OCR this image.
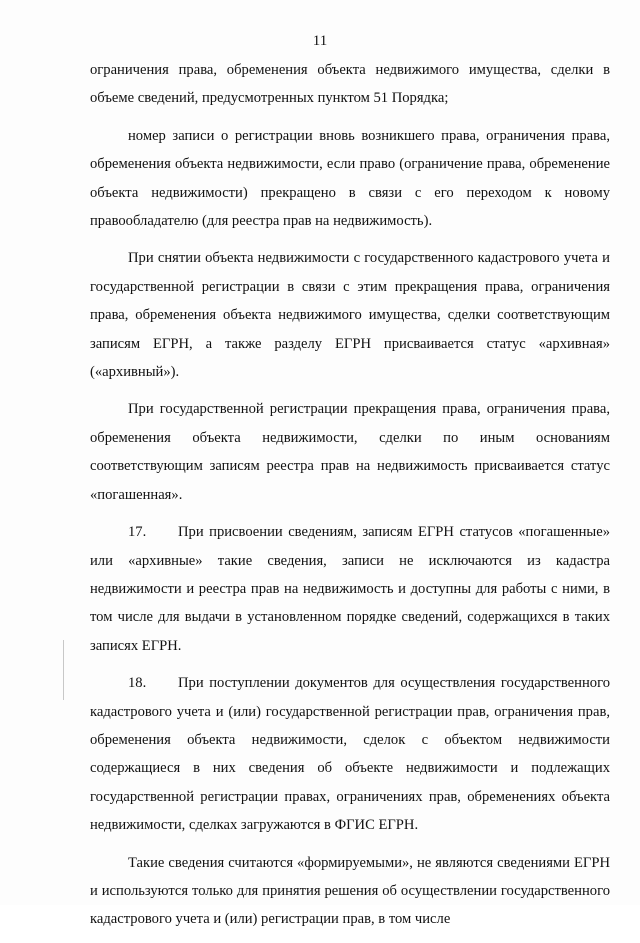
11

ограничения права, обременения объекта недвижимого имущества, сделки в объеме сведений, предусмотренных пунктом 51 Порядка;

номер записи о регистрации вновь возникшего права, ограничения права, обременения объекта недвижимости, если право (ограничение права, обременение объекта недвижимости) прекращено в связи с его переходом к новому правообладателю (для реестра прав на недвижимость).

При снятии объекта недвижимости с государственного кадастрового учета и государственной регистрации в связи с этим прекращения права, ограничения права, обременения объекта недвижимого имущества, сделки соответствующим записям ЕГРН, а также разделу ЕГРН присваивается статус «архивная» («архивный»).

При государственной регистрации прекращения права, ограничения права, обременения объекта недвижимости, сделки по иным основаниям соответствующим записям реестра прав на недвижимость присваивается статус «погашенная».

17. При присвоении сведениям, записям ЕГРН статусов «погашенные» или «архивные» такие сведения, записи не исключаются из кадастра недвижимости и реестра прав на недвижимость и доступны для работы с ними, в том числе для выдачи в установленном порядке сведений, содержащихся в таких записях ЕГРН.

18. При поступлении документов для осуществления государственного кадастрового учета и (или) государственной регистрации прав, ограничения прав, обременения объекта недвижимости, сделок с объектом недвижимости содержащиеся в них сведения об объекте недвижимости и подлежащих государственной регистрации правах, ограничениях прав, обременениях объекта недвижимости, сделках загружаются в ФГИС ЕГРН.

Такие сведения считаются «формируемыми», не являются сведениями ЕГРН и используются только для принятия решения об осуществлении государственного кадастрового учета и (или) регистрации прав, в том числе
